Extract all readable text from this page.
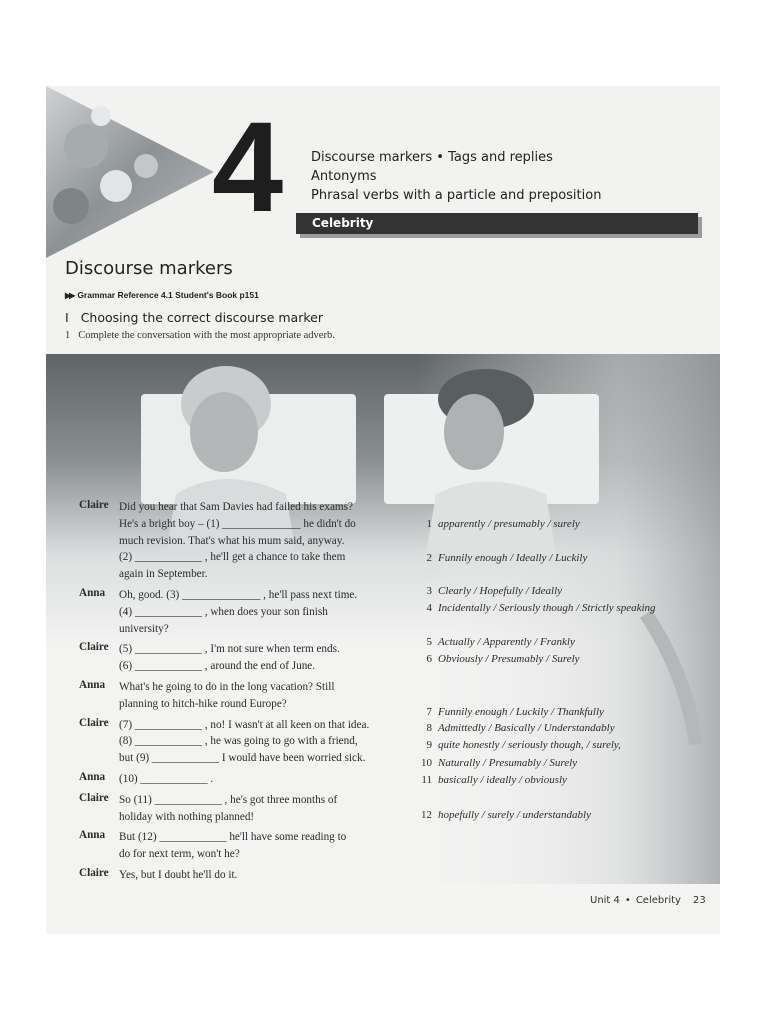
4	Discourse markers • Tags and replies
Antonyms
Phrasal verbs with a particle and preposition
Celebrity
Discourse markers
▶▶ Grammar Reference 4.1 Student's Book p151
I Choosing the correct discourse marker
1 Complete the conversation with the most appropriate adverb.
Claire Did you hear that Sam Davies had failed his exams?
He's a bright boy – (1) ______________ he didn't do
much revision. That's what his mum said, anyway.
(2) ____________ , he'll get a chance to take them
again in September.
Anna	Oh, good. (3) ______________ , he'll pass next time.
(4) ____________ , when does your son finish
university?
Claire (5) ____________ , I'm not sure when term ends.
(6) ____________ , around the end of June.
Anna	What's he going to do in the long vacation? Still
planning to hitch-hike round Europe?
Claire (7) ____________ , no! I wasn't at all keen on that idea.
(8) ____________ , he was going to go with a friend,
but (9) ____________ I would have been worried sick.
Anna	(10) ____________ .
Claire So (11) ____________ , he's got three months of
holiday with nothing planned!
Anna	But (12) ____________ he'll have some reading to
do for next term, won't he?
Claire Yes, but I doubt he'll do it.
1 apparently / presumably / surely
2 Funnily enough / Ideally / Luckily
3 Clearly / Hopefully / Ideally
4 Incidentally / Seriously though / Strictly speaking
5 Actually / Apparently / Frankly
6 Obviously / Presumably / Surely
7 Funnily enough / Luckily / Thankfully
8 Admittedly / Basically / Understandably
9 quite honestly / seriously though, / surely,
10 Naturally / Presumably / Surely
11 basically / ideally / obviously
12 hopefully / surely / understandably
Unit 4 • Celebrity 23
